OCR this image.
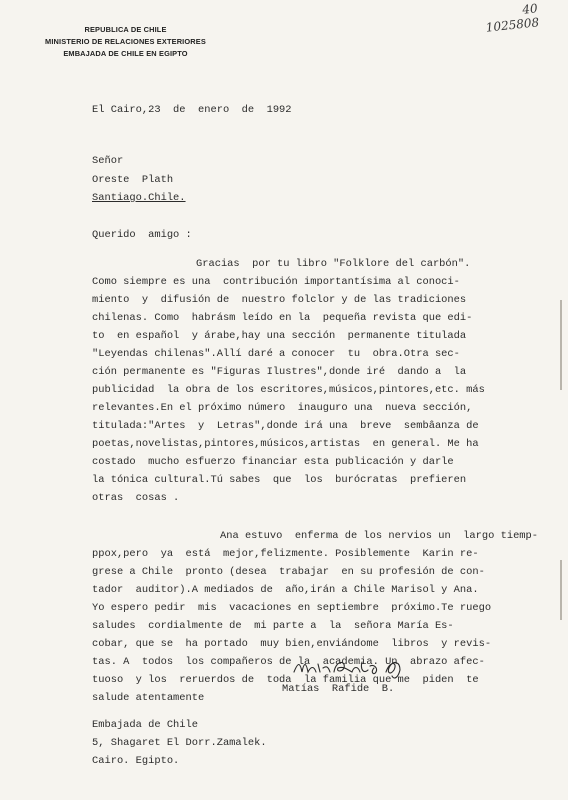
REPUBLICA DE CHILE
MINISTERIO DE RELACIONES EXTERIORES
EMBAJADA DE CHILE EN EGIPTO
40
1025808
El Cairo,23  de  enero  de  1992
Señor
Oreste  Plath
Santiago.Chile.
Querido  amigo :
Gracias  por tu libro "Folklore del carbón".
Como siempre es una  contribución importantísima al conoci-
miento  y  difusión de  nuestro folclor y de las tradiciones
chilenas. Como  habrásm leído en la  pequeña revista que edi-
to  en español  y árabe,hay una sección  permanente titulada
"Leyendas chilenas".Allí daré a conocer  tu  obra.Otra sec-
ción permanente es "Figuras Ilustres",donde iré  dando a  la
publicidad  la obra de los escritores,músicos,pintores,etc. más
relevantes.En el próximo número  inauguro una  nueva sección,
titulada:"Artes  y  Letras",donde irá una  breve  sembâanza de
poetas,novelistas,pintores,músicos,artistas  en general. Me ha
costado  mucho esfuerzo financiar esta publicación y darle
la tónica cultural.Tú sabes  que  los  burócratas  prefieren
otras  cosas .
Ana estuvo  enferma de los nervios un  largo tiemp-
ppox,pero  ya  está  mejor,felizmente. Posiblemente  Karin re-
grese a Chile  pronto (desea  trabajar  en su profesión de con-
tador  auditor).A mediados de  año,irán a Chile Marisol y Ana.
Yo espero pedir  mis  vacaciones en septiembre  próximo.Te ruego
saludes  cordialmente de  mi parte a  la  señora María Es-
cobar, que se  ha portado  muy bien,enviándome  libros  y revis-
tas. A  todos  los compañeros de la  academia. Un  abrazo afec-
tuoso  y los  reruerdos de  toda  la familia que me  piden  te
salude atentamente
Matías  Rafide  B.
Embajada de Chile
5, Shagaret El Dorr.Zamalek.
Cairo. Egipto.
